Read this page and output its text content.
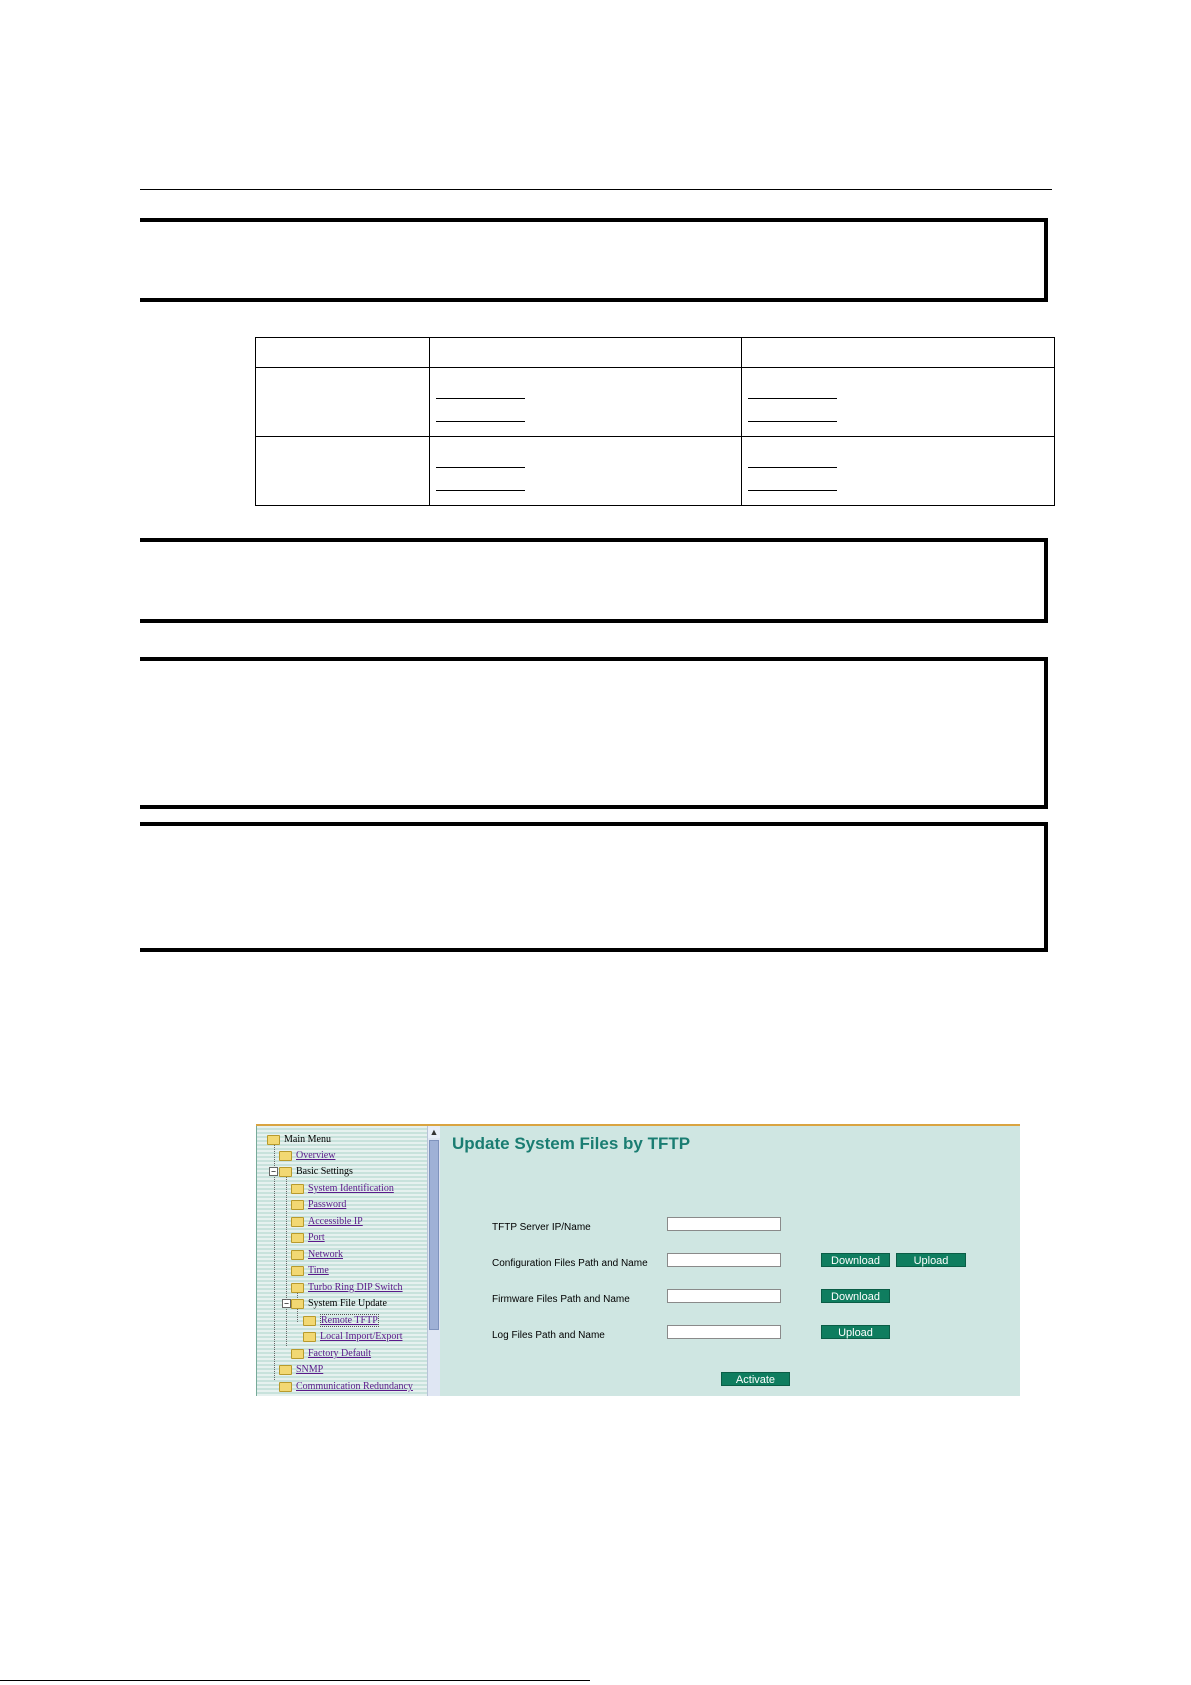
Main Menu
Overview
−	Basic Settings
System Identification
Password
Accessible IP
Port
Network
Time
Turbo Ring DIP Switch
−	System File Update
Remote TFTP
Local Import/Export
Factory Default
SNMP
Communication Redundancy
▲
Update System Files by TFTP
TFTP Server IP/Name
Configuration Files Path and Name	Download	Upload
Firmware Files Path and Name	Download
Log Files Path and Name	Upload
Activate
